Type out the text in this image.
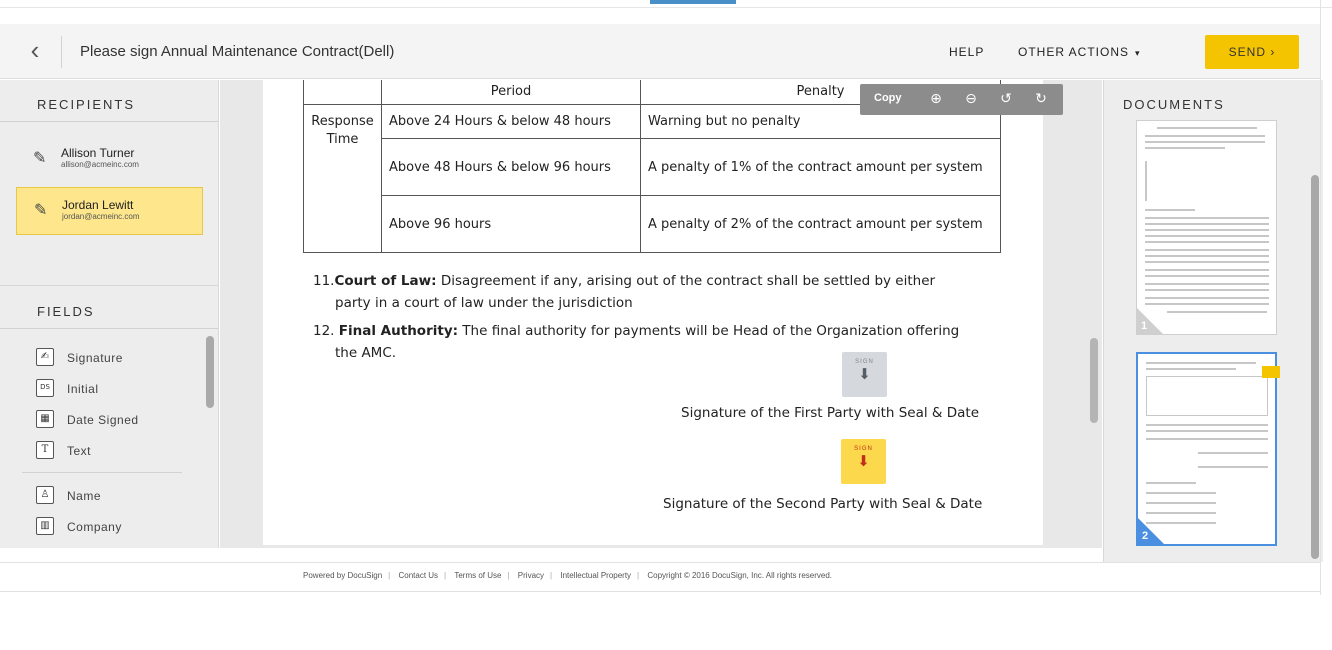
‹	Please sign Annual Maintenance Contract(Dell)	HELP	OTHER ACTIONS ▾	SEND ›
RECIPIENTS
✎ Allison Turner
allison@acmeinc.com
✎ Jordan Lewitt
jordan@acmeinc.com
FIELDS
✍	Signature
DS	Initial
▦	Date Signed
T	Text
♙	Name
▥	Company
	Period	Penalty
Response
Time	Above 24 Hours & below 48 hours	Warning but no penalty
	Above 48 Hours & below 96 hours	A penalty of 1% of the contract amount per system
	Above 96 hours	A penalty of 2% of the contract amount per system
11.Court of Law: Disagreement if any, arising out of the contract shall be settled by either
party in a court of law under the jurisdiction
12. Final Authority: The final authority for payments will be Head of the Organization offering
the AMC.
SIGN
⬇
Signature of the First Party with Seal & Date
SIGN
⬇
Signature of the Second Party with Seal & Date
Copy ⊕ ⊖ ↺ ↻	DOCUMENTS
1
2
Powered by DocuSign | Contact Us | Terms of Use | Privacy | Intellectual Property | Copyright © 2016 DocuSign, Inc. All rights reserved.
